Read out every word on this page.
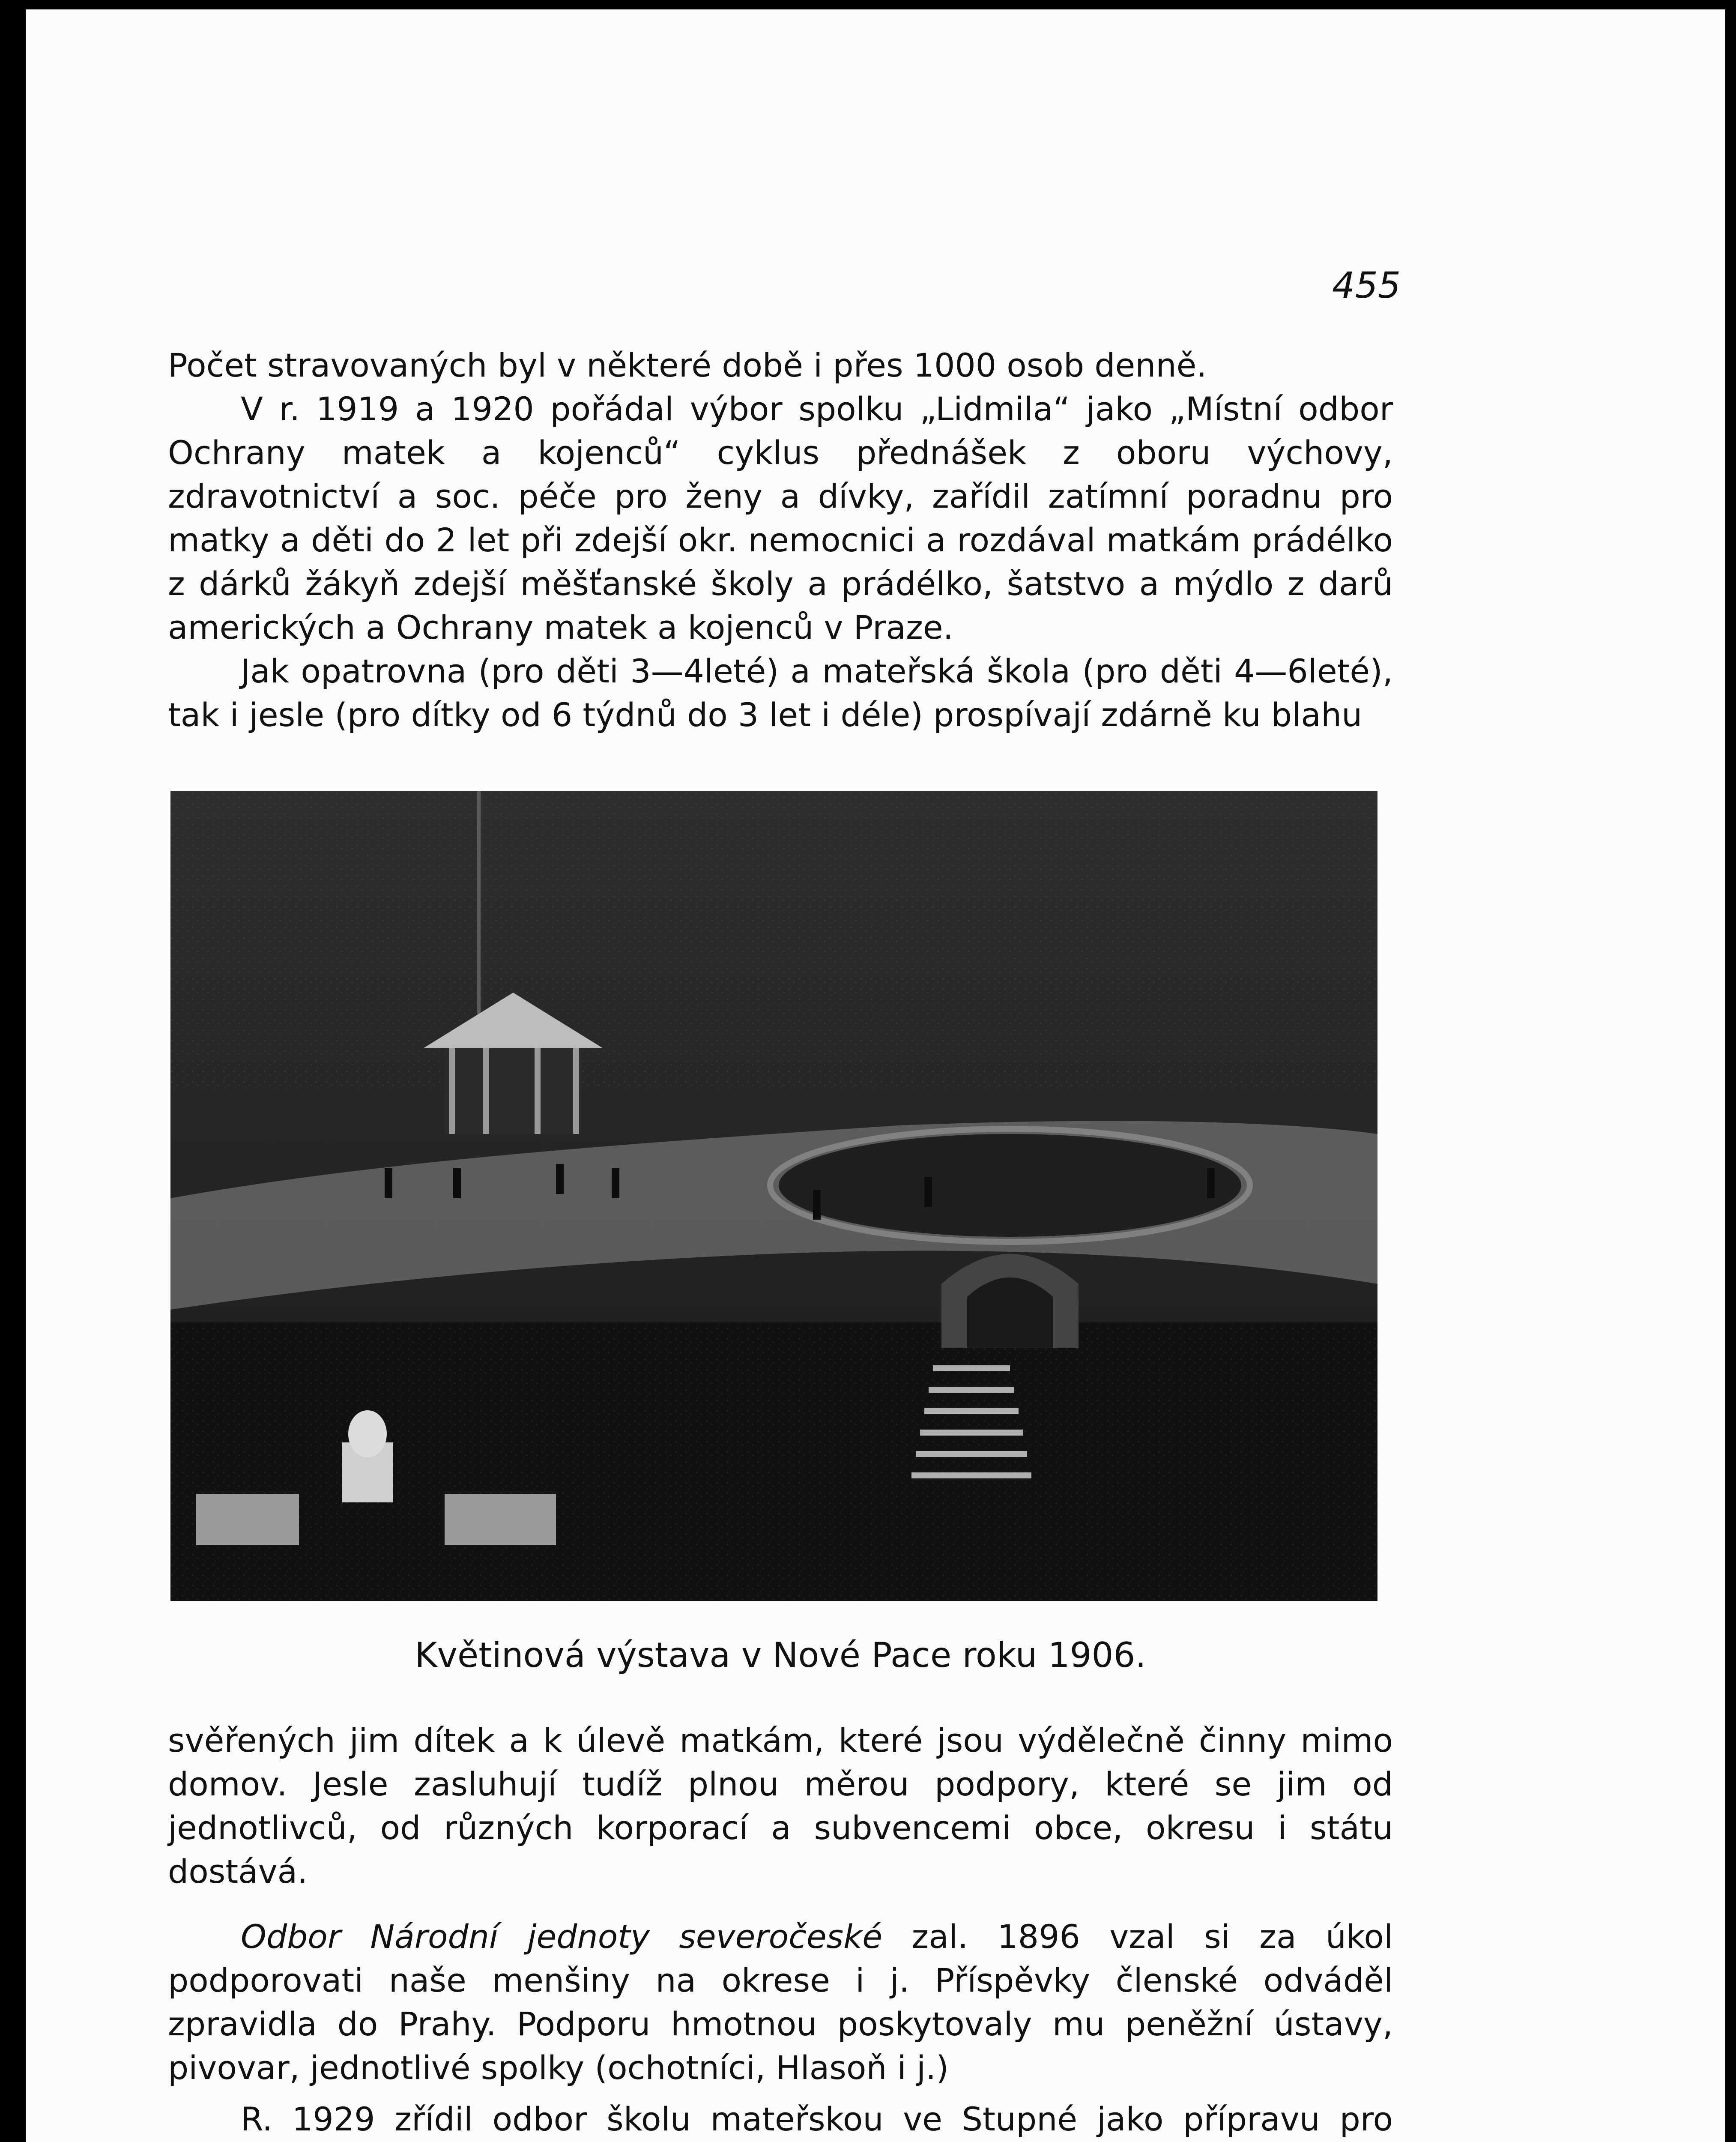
455

Počet stravovaných byl v některé době i přes 1000 osob denně.

V r. 1919 a 1920 pořádal výbor spolku „Lidmila“ jako „Místní odbor Ochrany matek a kojenců“ cyklus přednášek z oboru výchovy, zdravotnictví a soc. péče pro ženy a dívky, zařídil zatímní poradnu pro matky a děti do 2 let při zdejší okr. nemocnici a rozdával matkám prádélko z dárků žákyň zdejší měšťanské školy a prádélko, šatstvo a mýdlo z darů amerických a Ochrany matek a kojenců v Praze.

Jak opatrovna (pro děti 3—4leté) a mateřská škola (pro děti 4—6leté), tak i jesle (pro dítky od 6 týdnů do 3 let i déle) prospívají zdárně ku blahu

Květinová výstava v Nové Pace roku 1906.

svěřených jim dítek a k úlevě matkám, které jsou výdělečně činny mimo domov. Jesle zasluhují tudíž plnou měrou podpory, které se jim od jednotlivců, od různých korporací a subvencemi obce, okresu i státu dostává.

Odbor Národní jednoty severočeské zal. 1896 vzal si za úkol podporovati naše menšiny na okrese i j. Příspěvky členské odváděl zpravidla do Prahy. Podporu hmotnou poskytovaly mu peněžní ústavy, pivovar, jednotlivé spolky (ochotníci, Hlasoň i j.)

R. 1929 zřídil odbor školu mateřskou ve Stupné jako přípravu pro
